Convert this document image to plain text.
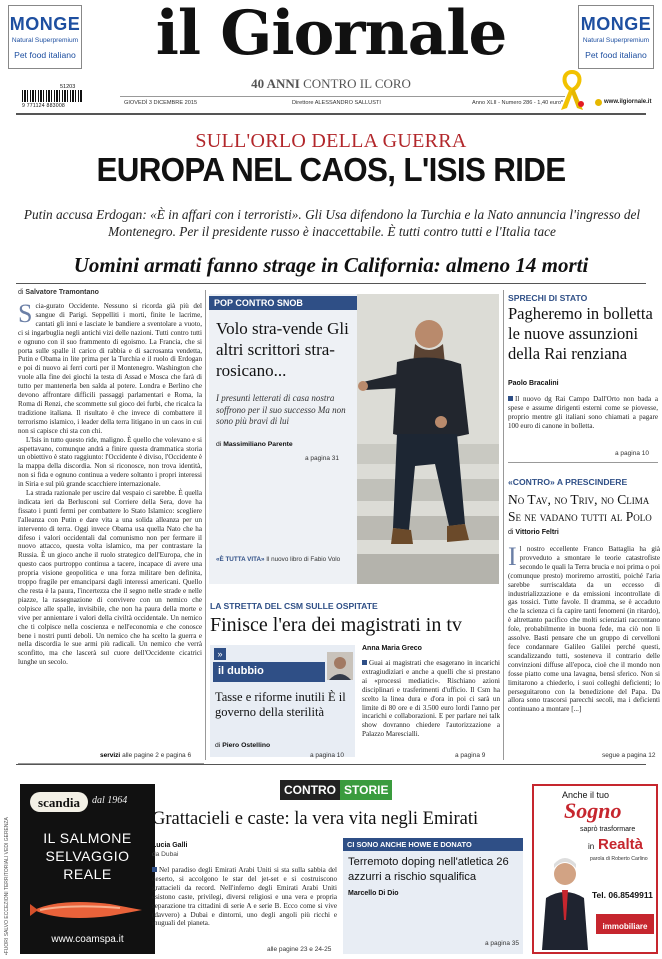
MONGE
Natural Superpremium
Pet food italiano
MONGE
Natural Superpremium
Pet food italiano
il Giornale
40 ANNI CONTRO IL CORO
51203
9 771124 883008	GIOVEDÌ 3 DICEMBRE 2015	Direttore ALESSANDRO SALLUSTI	Anno XLII - Numero 286 - 1,40 euro*	www.ilgiornale.it
SULL'ORLO DELLA GUERRA
EUROPA NEL CAOS, L'ISIS RIDE
Putin accusa Erdogan: «È in affari con i terroristi». Gli Usa difendono la Turchia e la Nato annuncia l'ingresso del Montenegro. Per il presidente russo è inaccettabile. È tutti contro tutti e l'Italia tace
Uomini armati fanno strage in California: almeno 14 morti
di Salvatore Tramontano
Scia-gurato Occidente. Nessuno si ricorda già più del sangue di Parigi. Seppelliti i morti, finite le lacrime, cantati gli inni e lasciate le bandiere a sventolare a vuoto, ci si ingarbuglia negli antichi vizi delle nazioni. Tutti contro tutti e ognuno con il suo frammento di egoismo. La Francia, che si porta sulle spalle il carico di rabbia e di sacrosanta vendetta, Putin e Obama in lite prima per la Turchia e il ruolo di Erdogan e poi di nuovo ai ferri corti per il Montenegro. Washington che vuole alla fine dei giochi la testa di Assad e Mosca che farà di tutto per mantenerla ben salda al potere. Londra e Berlino che devono affrontare difficili passaggi parlamentari e Roma, la Roma di Renzi, che scommette sul gioco dei furbi, che ricalca la tradizione italiana. Il risultato è che invece di combattere il terrorismo islamico, i leader della terra litigano in un caos in cui non si capisce chi sta con chi.

L'Isis in tutto questo ride, maligno. È quello che volevano e si aspettavano, comunque andrà a finire questa drammatica storia un obiettivo è stato raggiunto: l'Occidente è diviso, l'Occidente è la mappa della discordia. Non si riconosce, non trova identità, non si fida e ognuno continua a vedere soltanto i propri interessi in Siria e sul più grande scacchiere internazionale.

La strada razionale per uscire dal vespaio ci sarebbe. È quella indicata ieri da Berlusconi sul Corriere della Sera, dove ha fissato i punti fermi per combattere lo Stato Islamico: scegliere l'alleanza con Putin e dare vita a una solida alleanza per un intervento di terra. Oggi invece Obama usa quella Nato che ha difeso i valori occidentali dal comunismo non per fermare il nuovo attacco, questa volta islamico, ma per contrastare la Russia. È un gioco anche il ruolo strategico dell'Europa, che in questo caos purtroppo continua a tacere, incapace di avere una propria visione geopolitica e una forza militare ben definita, troppo fragile per emanciparsi dagli interessi americani. Quello che resta è la paura, l'incertezza che il segno nelle strade e nelle piazze, la rassegnazione di convivere con un nemico che colpisce alle spalle, invisibile, che non ha paura della morte e vive per annientare i valori della civiltà occidentale. Un nemico che ti colpisce nella coscienza e nell'economia e che conosce bene i nostri punti deboli. Un nemico che ha scelto la guerra e nella discordia le sue armi più radicali. Un nemico che verrà sconfitto, ma che lascerà sul cuore dell'Occidente cicatrici lunghe un secolo.

servizi alle pagine 2 e pagina 6
POP CONTRO SNOB
Volo stra-vende Gli altri scrittori stra-rosicano...
I presunti letterati di casa nostra soffrono per il suo successo Ma non sono più bravi di lui
di Massimiliano Parente
a pagina 31
«È TUTTA VITA» Il nuovo libro di Fabio Volo
LA STRETTA DEL CSM SULLE OSPITATE
Finisce l'era dei magistrati in tv
Anna Maria Greco
Guai ai magistrati che esagerano in incarichi extragiudiziari e anche a quelli che si prestano ai «processi mediatici». Rischiano azioni disciplinari e trasferimenti d'ufficio. Il Csm ha scelto la linea dura e d'ora in poi ci sarà un limite di 80 ore e di 3.500 euro lordi l'anno per incarichi e collaborazioni. E per parlare nei talk show dovranno chiedere l'autorizzazione a Palazzo Marescialli.
a pagina 9
»
il dubbio
Tasse e riforme inutili È il governo della sterilità
di Piero Ostellino
a pagina 10
SPRECHI DI STATO
Pagheremo in bolletta le nuove assunzioni della Rai renziana
Paolo Bracalini
Il nuovo dg Rai Campo Dall'Orto non bada a spese e assume dirigenti esterni come se piovesse, proprio mentre gli italiani sono chiamati a pagare 100 euro di canone in bolletta.
a pagina 10
«CONTRO» A PRESCINDERE
No Tav, no Triv, no Clima Se ne vadano tutti al Polo
di Vittorio Feltri
Il nostro eccellente Franco Battaglia ha già provveduto a smontare le teorie catastrofiste secondo le quali la Terra brucia e noi prima o poi (comunque presto) moriremo arrostiti, poiché l'aria sarebbe surriscaldata da un eccesso di industrializzazione e da emissioni incontrollate di gas tossici. Tutte favole. Il dramma, se è accaduto che la scienza ci fa capire tanti fenomeni (in ritardo), è altrettanto pacifico che molti scienziati raccontano fole, probabilmente in buona fede, ma ciò non li assolve. Basti pensare che un gruppo di cervelloni fece condannare Galileo Galilei perché questi, scandalizzando tutti, sosteneva il contrario delle convinzioni diffuse all'epoca, cioè che il mondo non fosse piatto come una lavagna, bensì sferico. Non si limitarono a chiederlo, i suoi colleghi deficienti; lo perseguitarono con la benedizione del Papa. Da allora sono trascorsi parecchi secoli, ma i deficienti continuano a montare [...]
segue a pagina 12
•FUORI SALVO ECCEZIONI TERRITORIALI VEDI GERENZA
scandia	dal 1964
IL SALMONE
SELVAGGIO
REALE
www.coamspa.it
CONTRO STORIE
Grattacieli e caste: la vera vita negli Emirati
Lucia Galli
da Dubai
Nel paradiso degli Emirati Arabi Uniti si sta sulla sabbia del deserto, si accolgono le star del jet-set e si costruiscono grattacieli da record. Nell'inferno degli Emirati Arabi Uniti esistono caste, privilegi, diversi religiosi e una vera e propria separazione tra cittadini di serie A e serie B. Ecco come si vive (davvero) a Dubai e dintorni, uno degli angoli più ricchi e inuguali del pianeta.
alle pagine 23 e 24-25
CI SONO ANCHE HOWE E DONATO
Terremoto doping nell'atletica 26 azzurri a rischio squalifica
Marcello Di Dio
a pagina 35
Anche il tuo
Sogno
saprò trasformare
in Realtà
parola di Roberto Carlino
Tel. 06.8549911
immobiliare
